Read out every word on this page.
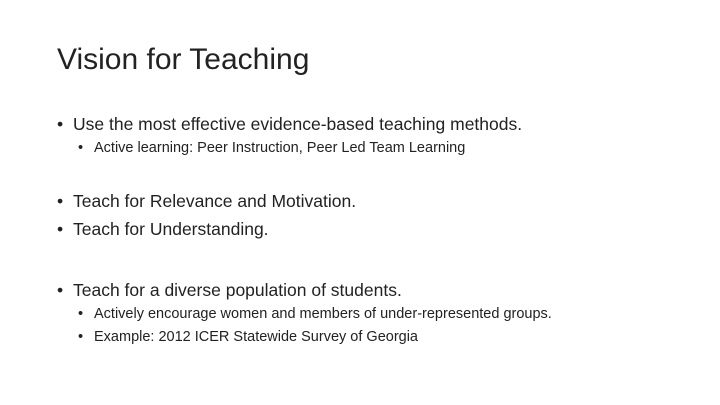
Vision for Teaching
• Use the most effective evidence-based teaching methods.
• Active learning: Peer Instruction, Peer Led Team Learning
• Teach for Relevance and Motivation.
• Teach for Understanding.
• Teach for a diverse population of students.
• Actively encourage women and members of under-represented groups.
• Example: 2012 ICER Statewide Survey of Georgia
